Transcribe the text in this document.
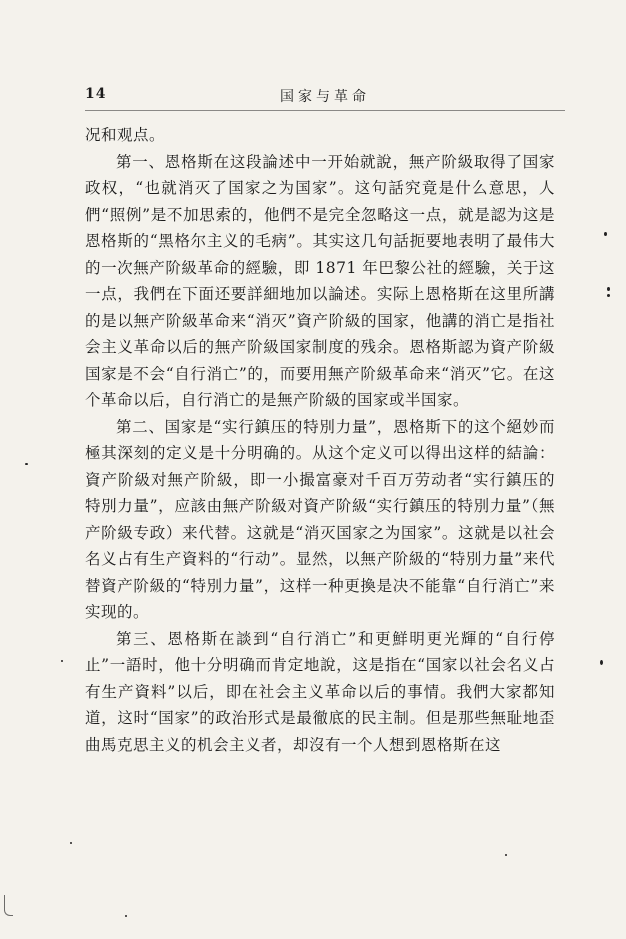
14	国家与革命

况和观点。

第一、恩格斯在这段論述中一开始就說，無产阶級取得了国家政权，“也就消灭了国家之为国家”。这句話究竟是什么意思，人們“照例”是不加思索的，他們不是完全忽略这一点，就是認为这是恩格斯的“黑格尔主义的毛病”。其实这几句話扼要地表明了最伟大的一次無产阶級革命的經驗，即 1871 年巴黎公社的經驗，关于这一点，我們在下面还要詳細地加以論述。实际上恩格斯在这里所講的是以無产阶級革命来“消灭”資产阶級的国家，他講的消亡是指社会主义革命以后的無产阶級国家制度的残余。恩格斯認为資产阶級国家是不会“自行消亡”的，而要用無产阶級革命来“消灭”它。在这个革命以后，自行消亡的是無产阶級的国家或半国家。

第二、国家是“实行鎮压的特別力量”，恩格斯下的这个絕妙而極其深刻的定义是十分明确的。从这个定义可以得出这样的結論：資产阶級对無产阶級，即一小撮富豪对千百万劳动者“实行鎮压的特別力量”，应該由無产阶級对資产阶級“实行鎮压的特別力量”（無产阶級专政）来代替。这就是“消灭国家之为国家”。这就是以社会名义占有生产資料的“行动”。显然，以無产阶級的“特別力量”来代替資产阶級的“特別力量”，这样一种更換是决不能靠“自行消亡”来实现的。

第三、恩格斯在談到“自行消亡”和更鮮明更光輝的“自行停止”一語时，他十分明确而肯定地說，这是指在“国家以社会名义占有生产資料”以后，即在社会主义革命以后的事情。我們大家都知道，这时“国家”的政治形式是最徹底的民主制。但是那些無耻地歪曲馬克思主义的机会主义者，却沒有一个人想到恩格斯在这
